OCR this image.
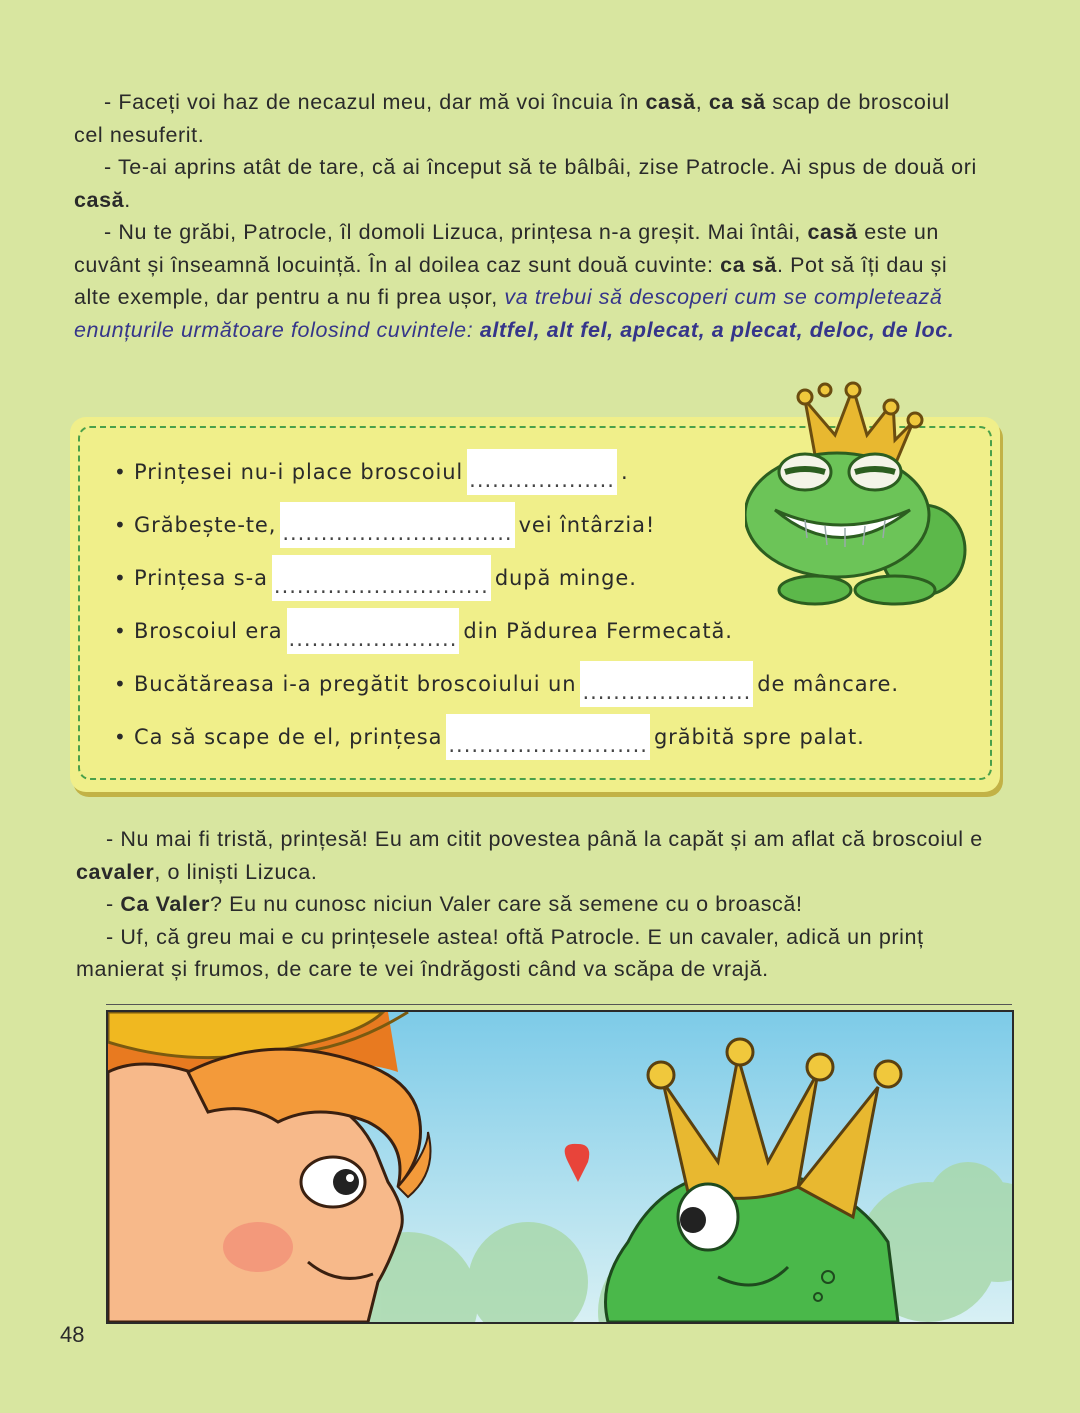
- Faceți voi haz de necazul meu, dar mă voi încuia în casă, ca să scap de broscoiul cel nesuferit.

- Te-ai aprins atât de tare, că ai început să te bâlbâi, zise Patrocle. Ai spus de două ori casă.

- Nu te grăbi, Patrocle, îl domoli Lizuca, prințesa n-a greșit. Mai întâi, casă este un cuvânt și înseamnă locuință. În al doilea caz sunt două cuvinte: ca să. Pot să îți dau și alte exemple, dar pentru a nu fi prea ușor, va trebui să descoperi cum se completează enunțurile următoare folosind cuvintele: altfel, alt fel, aplecat, a plecat, deloc, de loc.

• Prințesei nu-i place broscoiul ................... .
• Grăbește-te, .............................. vei întârzia!
• Prințesa s-a ............................ după minge.
• Broscoiul era ...................... din Pădurea Fermecată.
• Bucătăreasa i-a pregătit broscoiului un ...................... de mâncare.
• Ca să scape de el, prințesa .......................... grăbită spre palat.

- Nu mai fi tristă, prințesă! Eu am citit povestea până la capăt și am aflat că broscoiul e cavaler, o liniști Lizuca.

- Ca Valer? Eu nu cunosc niciun Valer care să semene cu o broască!

- Uf, că greu mai e cu prințesele astea! oftă Patrocle. E un cavaler, adică un prinț manierat și frumos, de care te vei îndrăgosti când va scăpa de vrajă.

48
